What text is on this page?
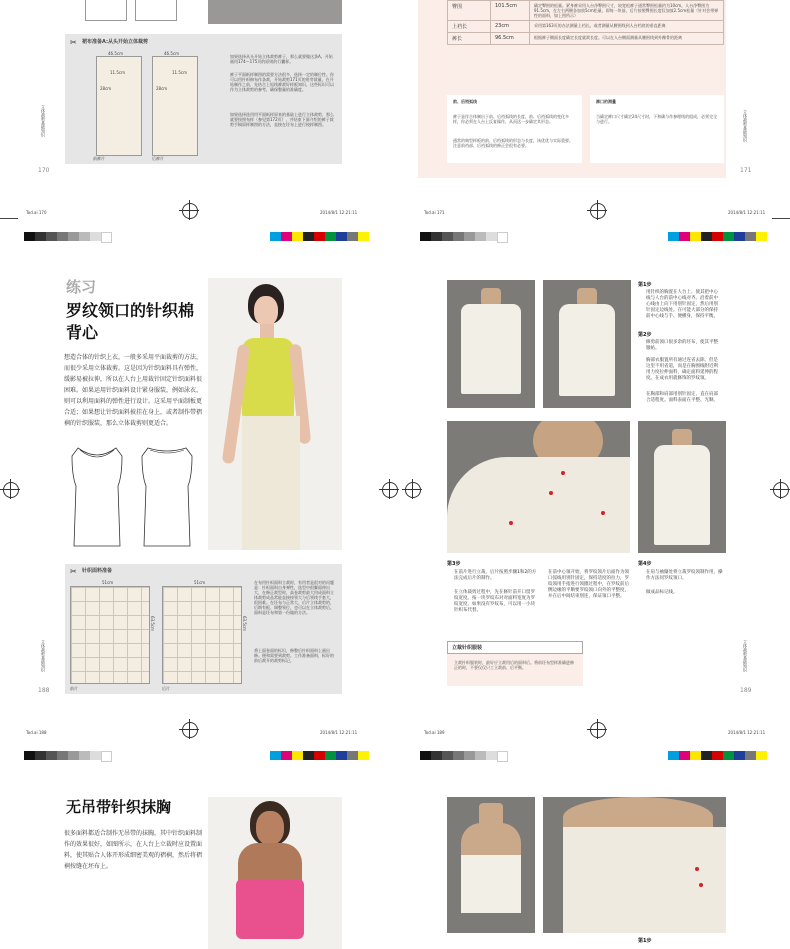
✂ 裙布准备A:从头开始立体裁剪
46.5cm	46.5cm
11.5cm	11.5cm
28cm	28cm
前裤片	后裤片
如果选择从头开始立体裁剪裤子，那么就要做这条A。开始画用174～175页的原则的行囊样。
裤子平面纸样制图的需要方法很多，选择一定的制位性。你可以用针织棉布作条裁，开始裁剪171页的用旁裁量。在开始制作之前，先结合上短线裤裁好样板知识。这些标识可以作为立体裁剪的参考，确保整量的准确度。
如果选择选用用平面纸样原来的基础上进行立体裁剪，那么就要按照布样（参见第172页），并结束下面介绍的裤子裁剪手稿原样制图的方法，直接在坯布上进行校样制图。
立体裁剪基础知识
170
臀围	101.5cm	确定臀围的松量。紧身裤采用人台净臀围尺寸，较宽松裤子通常臀围松量约为10cm。人台净臀围为91.5cm，在左右两侧各加放5cm松量，即每一块前、后片按照臀围长度仅加放2.5cm松量（针对会带弹性的面料，如上图所示）
上裆长	23cm	采用第163页的办法测量上裆长。或者测量从腰围线到人台档底的垂直距离
裤长	96.5cm	根据裤子侧面长度确定长度就裁长度。可以在人台侧面测量从腰围线到外踝骨的距离
前、后裆弧线
裤子是伴合体制出于前、后裆弧线的长度，前、后裆弧线的变化多样，你必须在人台上反复操作，从而达一步确定其形态。
通常的典型样板的前、后档弧线的形态与长度，该优优与实际重要。注意前裆部、后裆弧线的修正会很有必要。
裤口的测量
当确定裤口尺寸确定24尺寸时，下和确与作参理线的组成，必须完全与进行。	立体裁剪基础知识
171
Tod.ai 170	2014/8/1 12:21:11	Tod.ai 171	2014/8/1 12:21:11
练习
罗纹领口的针织棉
背心
想造合体的针织上衣，一般多采用平面裁剪的方法，而很少采用立体裁剪。这是因为针织面料具有弹性，缓影易被拉伸，所以在人台上用裁针固定针织面料很困难。如果运用针织面料设计紧身服装，例如泳衣、则可以利用面料的弹性进行设计。这采用平面制板更合适；如果想让针织面料披挂在身上，或者制作带褶裥的针织服装，那么立体裁剪则更适合。
✂ 针织面料准备
51cm	51cm
63.5cm	63.5cm
前片	后片
在布用针织面料立裁时，有用者是很对的问题是：针织面料自身弹性，选型中很脚面伸出大、在修正裁型时，高卷裁剪最大用成面料立体裁剪成品常能直接按领大与后领线手套大，很困难。在坯布与正常大、后片立体裁剪的，后期有板、调整领位，也可以在立体裁剪后。面料是坯布和第一份做的方法。
将上面卷面的标识，修整后针织面料上画出修。便和需要到裁剪。工作准备面料，标好的前后裁开的裁剪标记。
立体裁剪基础知识
188
第1步
用针织的胸置在人台上。使其把中心线与人台的前中心线对齐。沿着前中心线由上向下用别针固定，然后用别针固定边线处。在可能大部分的保持前中心线与手、便横身，保持平衡。
第2步
修剪前领口很多余的坯布，使其平整服帖。
胸部衣服置所有通过连省去除。但是这里不用省道，而是在胸围线附近利用力度拉伸面料，确定面料延伸的程度。在成衣用就修饰的罗纹领。
在胸部和肩部用别针固定，直在肩部合适程度。面料表面在平整、光顺。
第3步
在前片进行立裁，后片按照步骤1和2的方法完成后片的制作。
在立体裁剪过程中，先在修针前开口留罗纹宽度。按一块罗纹布对对面料宽度为罗纹宽度，如果没有罗纹布，可以用一小块针织布代替。
在前中心领开始，将罗纹领片后面作为领口弧线用别针固定，保持适度的拉力，罗纹领用手指进行领圈过程中，在罗纹前后侧边缘的平顺要罗纹领口向外的平整度，并在后中间结束别连，保证领口平整。
第4步
在肩与袖窿处将立裁罗纹领制作用，操作方法同罗纹领口。
做成品标记线。
立裁针织服装
立裁针织服装时，最好应立裁用后的面料后。将前坯布型样准确进修正的时，不要仅仅只工立裁前、后平衡。	立体裁剪基础知识
189
Tod.ai 188	2014/8/1 12:21:11	Tod.ai 189	2014/8/1 12:21:11
无吊带针织抹胸
很多面料都适合制作无吊带的抹胸，其中针织面料制作的效果很好，如图所示，在人台上立裁时应设置面料，使其贴合人体开形成细密美观的褶裥，然后将褶裥按缝在坯布上。
第1步
